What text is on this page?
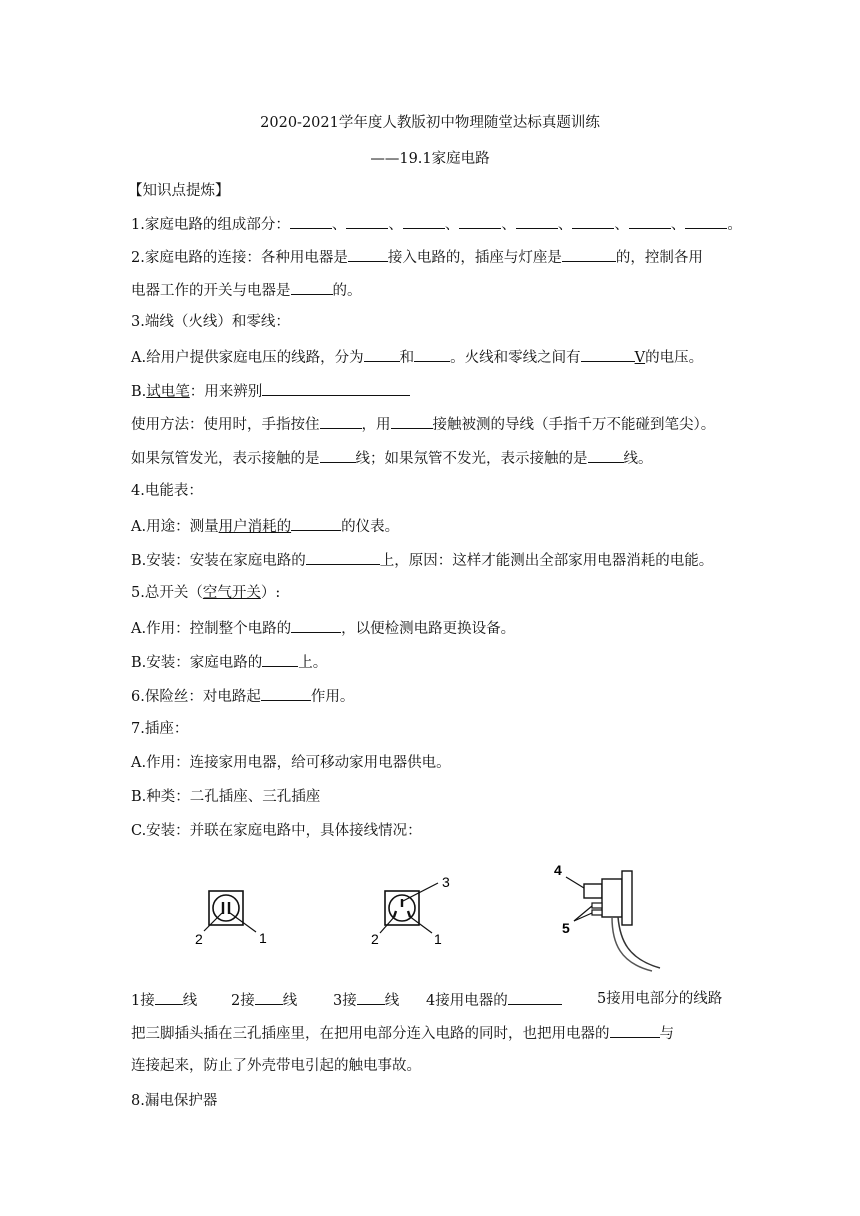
2020-2021学年度人教版初中物理随堂达标真题训练
——19.1家庭电路
【知识点提炼】
1.家庭电路的组成部分：	、	、	、	、	、	、	、	。
2.家庭电路的连接：各种用电器是	接入电路的，插座与灯座是	的，控制各用
电器工作的开关与电器是	的。
3.端线（火线）和零线：
A.给用户提供家庭电压的线路，分为 和 。火线和零线之间有	V的电压。
B.试电笔：用来辨别
使用方法：使用时，手指按住	，用	接触被测的导线（手指千万不能碰到笔尖）。
如果氖管发光，表示接触的是 线；如果氖管不发光，表示接触的是 线。
4.电能表：
A.用途：测量用户消耗的	的仪表。
B.安装：安装在家庭电路的	上，原因：这样才能测出全部家用电器消耗的电能。
5.总开关（空气开关）:
A.作用：控制整个电路的	，以便检测电路更换设备。
B.安装：家庭电路的 上。
6.保险丝：对电路起	作用。
7.插座：
A.作用：连接家用电器，给可移动家用电器供电。
B.种类：二孔插座、三孔插座
C.安装：并联在家庭电路中，具体接线情况：
2	1
3
2	1
4
5
1接 线 2接 线 3接 线 4接用电器的	5接用电部分的线路
把三脚插头插在三孔插座里，在把用电部分连入电路的同时，也把用电器的	与
连接起来，防止了外壳带电引起的触电事故。
8.漏电保护器
